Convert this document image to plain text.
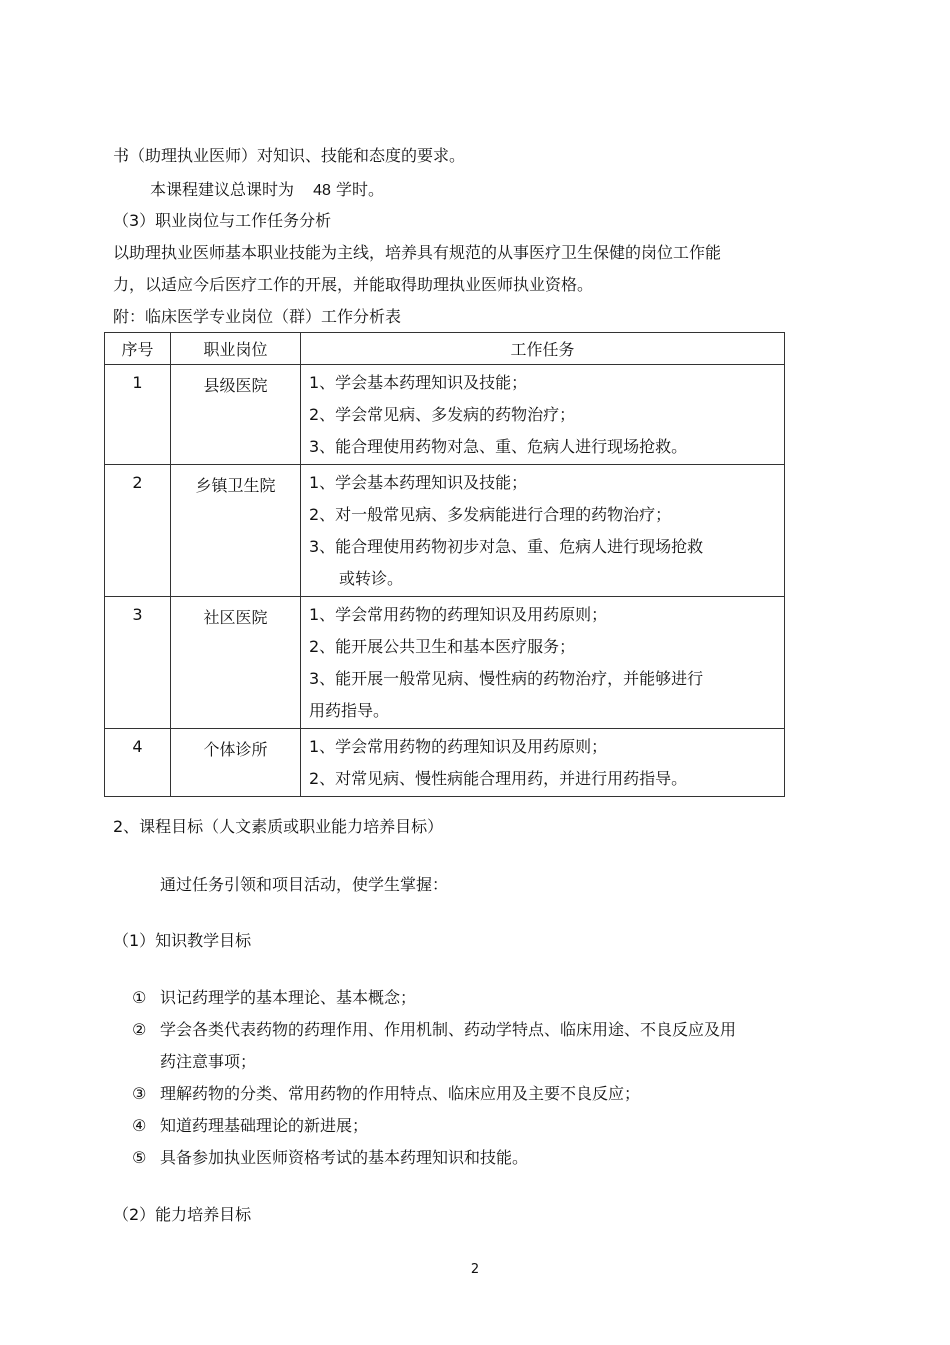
书（助理执业医师）对知识、技能和态度的要求。
本课程建议总课时为 48 学时。
（3）职业岗位与工作任务分析
以助理执业医师基本职业技能为主线，培养具有规范的从事医疗卫生保健的岗位工作能
力，以适应今后医疗工作的开展，并能取得助理执业医师执业资格。
附：临床医学专业岗位（群）工作分析表
序号	职业岗位	工作任务
1	县级医院	1、学会基本药理知识及技能；
2、学会常见病、多发病的药物治疗；
3、能合理使用药物对急、重、危病人进行现场抢救。

2	乡镇卫生院	1、学会基本药理知识及技能；
2、对一般常见病、多发病能进行合理的药物治疗；
3、能合理使用药物初步对急、重、危病人进行现场抢救
或转诊。

3	社区医院	1、学会常用药物的药理知识及用药原则；
2、能开展公共卫生和基本医疗服务；
3、能开展一般常见病、慢性病的药物治疗，并能够进行
用药指导。

4	个体诊所	1、学会常用药物的药理知识及用药原则；
2、对常见病、慢性病能合理用药，并进行用药指导。
2、课程目标（人文素质或职业能力培养目标）
通过任务引领和项目活动，使学生掌握：
（1）知识教学目标
① 识记药理学的基本理论、基本概念；
② 学会各类代表药物的药理作用、作用机制、药动学特点、临床用途、不良反应及用
药注意事项；
③ 理解药物的分类、常用药物的作用特点、临床应用及主要不良反应；
④ 知道药理基础理论的新进展；
⑤ 具备参加执业医师资格考试的基本药理知识和技能。
（2）能力培养目标
2
